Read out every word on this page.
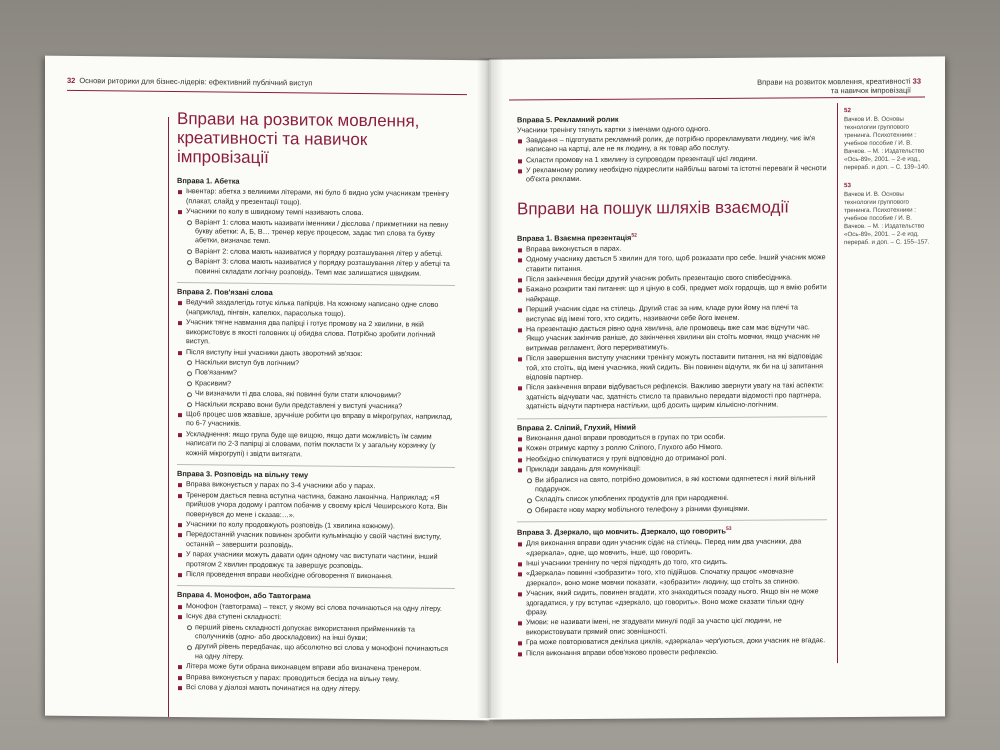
32 Основи риторики для бізнес-лідерів: ефективний публічний виступ
Вправи на розвиток мовлення, креативності та навичок імпровізації
Вправа 1. Абетка
Інвентар: абетка з великими літерами, які було б видно усім учасникам тренінгу (плакат, слайд у презентації тощо).
Учасники по колу в швидкому темпі називають слова.
Варіант 1: слова мають називати іменники / дієслова / прикметники на певну букву абетки: А, Б, В… тренер керує процесом, задає тип слова та букву абетки, визначає темп.
Варіант 2: слова мають називатися у порядку розташування літер у абетці.
Варіант 3: слова мають називатися у порядку розташування літер у абетці та повинні складати логічну розповідь. Темп має залишатися швидким.
Вправа 2. Пов'язані слова
Ведучий заздалегідь готує кілька папірців. На кожному написано одне слово (наприклад, пінгвін, капелюх, парасолька тощо).
Учасник тягне навмання два папірці і готує промову на 2 хвилини, в якій використовує в якості головних ці обидва слова. Потрібно зробити логічний виступ.
Після виступу інші учасники дають зворотний зв'язок:
Наскільки виступ був логічним?
Пов'язаним?
Красивим?
Чи визначили ті два слова, які повинні були стати ключовими?
Наскільки яскраво вони були представлені у виступі учасника?
Щоб процес шов жвавіше, зручніше робити цю вправу в мікрогрупах, наприклад, по 6-7 учасників.
Ускладнення: якщо група буде ще вищою, якщо дати можливість їм самим написати по 2-3 папірці зі словами, потім покласти їх у загальну корзинку (у кожній мікрогрупі) і звідти витягати.
Вправа 3. Розповідь на вільну тему
Вправа виконується у парах по 3-4 учасники або у парах.
Тренером дається певна вступна частина, бажано лаконічна. Наприклад: «Я прийшов учора додому і раптом побачив у своєму кріслі Чеширського Кота. Він повернувся до мене і сказав:…».
Учасники по колу продовжують розповідь (1 хвилина кожному).
Передостанній учасник повинен зробити кульмінацію у своїй частині виступу, останній – завершити розповідь.
У парах учасники можуть давати один одному час виступати частини, інший протягом 2 хвилин продовжує та завершує розповідь.
Після проведення вправи необхідне обговорення її виконання.
Вправа 4. Монофон, або Тавтограма
Монофон (тавтограма) – текст, у якому всі слова починаються на одну літеру.
Існує два ступені складності:
перший рівень складності допускає використання прийменників та сполучників (одно- або двоскладових) на інші букви;
другий рівень передбачає, що абсолютно всі слова у монофоні починаються на одну літеру.
Літера може бути обрана виконавцем вправи або визначена тренером.
Вправа виконується у парах: проводиться бесіда на вільну тему.
Всі слова у діалозі мають починатися на одну літеру.
Вправи на розвиток мовлення, креативності 33
та навичок імпровізації
Вправа 5. Рекламний ролик
Учасники тренінгу тягнуть картки з іменами одного одного.
Завдання – підготувати рекламний ролик, де потрібно прорекламувати людину, чиє ім'я написано на картці, але не як людину, а як товар або послугу.
Скласти промову на 1 хвилину із супроводом презентації цієї людини.
У рекламному ролику необхідно підкреслити найбільш вагомі та істотні переваги й чесноти об'єкта реклами.
Вправи на пошук шляхів взаємодії
Вправа 1. Взаємна презентація$^{52}$
Вправа виконується в парах.
Одному учаснику дається 5 хвилин для того, щоб розказати про себе. Інший учасник може ставити питання.
Після закінчення бесіди другий учасник робить презентацію свого співбесідника.
Бажано розкрити такі питання: що я ціную в собі, предмет моїх гордощів, що я вмію робити найкраще.
Перший учасник сідає на стілець. Другий стає за ним, кладе руки йому на плечі та виступає від імені того, хто сидить, називаючи себе його іменем.
На презентацію дається рівно одна хвилина, але промовець вже сам має відчути час. Якщо учасник закінчив раніше, до закінчення хвилини він стоїть мовчки, якщо учасник не витримав регламент, його перериватимуть.
Після завершення виступу учасники тренінгу можуть поставити питання, на які відповідає той, хто стоїть, від імені учасника, який сидить. Він повинен відчути, як би на ці запитання відповів партнер.
Після закінчення вправи відбувається рефлексія. Важливо звернути увагу на такі аспекти: здатність відчувати час, здатність стисло та правильно передати відомості про партнера, здатність відчути партнера настільки, щоб досить щирим кількісно-логічним.
Вправа 2. Сліпий, Глухий, Німий
Виконання даної вправи проводиться в групах по три особи.
Кожен отримує картку з роллю Сліпого, Глухого або Німого.
Необхідно спілкуватися у групі відповідно до отриманої ролі.
Приклади завдань для комунікації:
Ви зібралися на свято, потрібно домовитися, в які костюми одягнетеся і який вільний подарунок.
Складіть список улюблених продуктів для при народженні.
Обираєте нову марку мобільного телефону з різними функціями.
Вправа 3. Дзеркало, що мовчить. Дзеркало, що говорить$^{53}$
Для виконання вправи один учасник сідає на стілець. Перед ним два учасники, два «дзеркала», одне, що мовчить, інше, що говорить.
Інші учасники тренінгу по черзі підходять до того, хто сидить.
«Дзеркала» повинні «зобразити» того, хто підійшов. Спочатку працює «мовчазне дзеркало», воно може мовчки показати, «зобразити» людину, що стоїть за спиною.
Учасник, який сидить, повинен вгадати, хто знаходиться позаду нього. Якщо він не може здогадатися, у гру вступає «дзеркало, що говорить». Воно може сказати тільки одну фразу.
Умови: не називати імені, не згадувати минулі події за участю цієї людини, не використовувати прямий опис зовнішності.
Гра може повторюватися декілька циклів, «дзеркала» черґуються, доки учасник не вгадає.
Після виконання вправи обов'язково провести рефлексію.
52
Вачков И. В. Основы технологии группового тренинга. Психотехники : учебное пособие / И. В. Вачков. – М. : Издательство «Ось-89», 2001. – 2-е изд., перераб. и доп. – С. 139–140.
53
Вачков И. В. Основы технологии группового тренинга. Психотехники : учебное пособие / И. В. Вачков. – М. : Издательство «Ось-89», 2001. – 2-е изд. перераб. и доп. – С. 155–157.
